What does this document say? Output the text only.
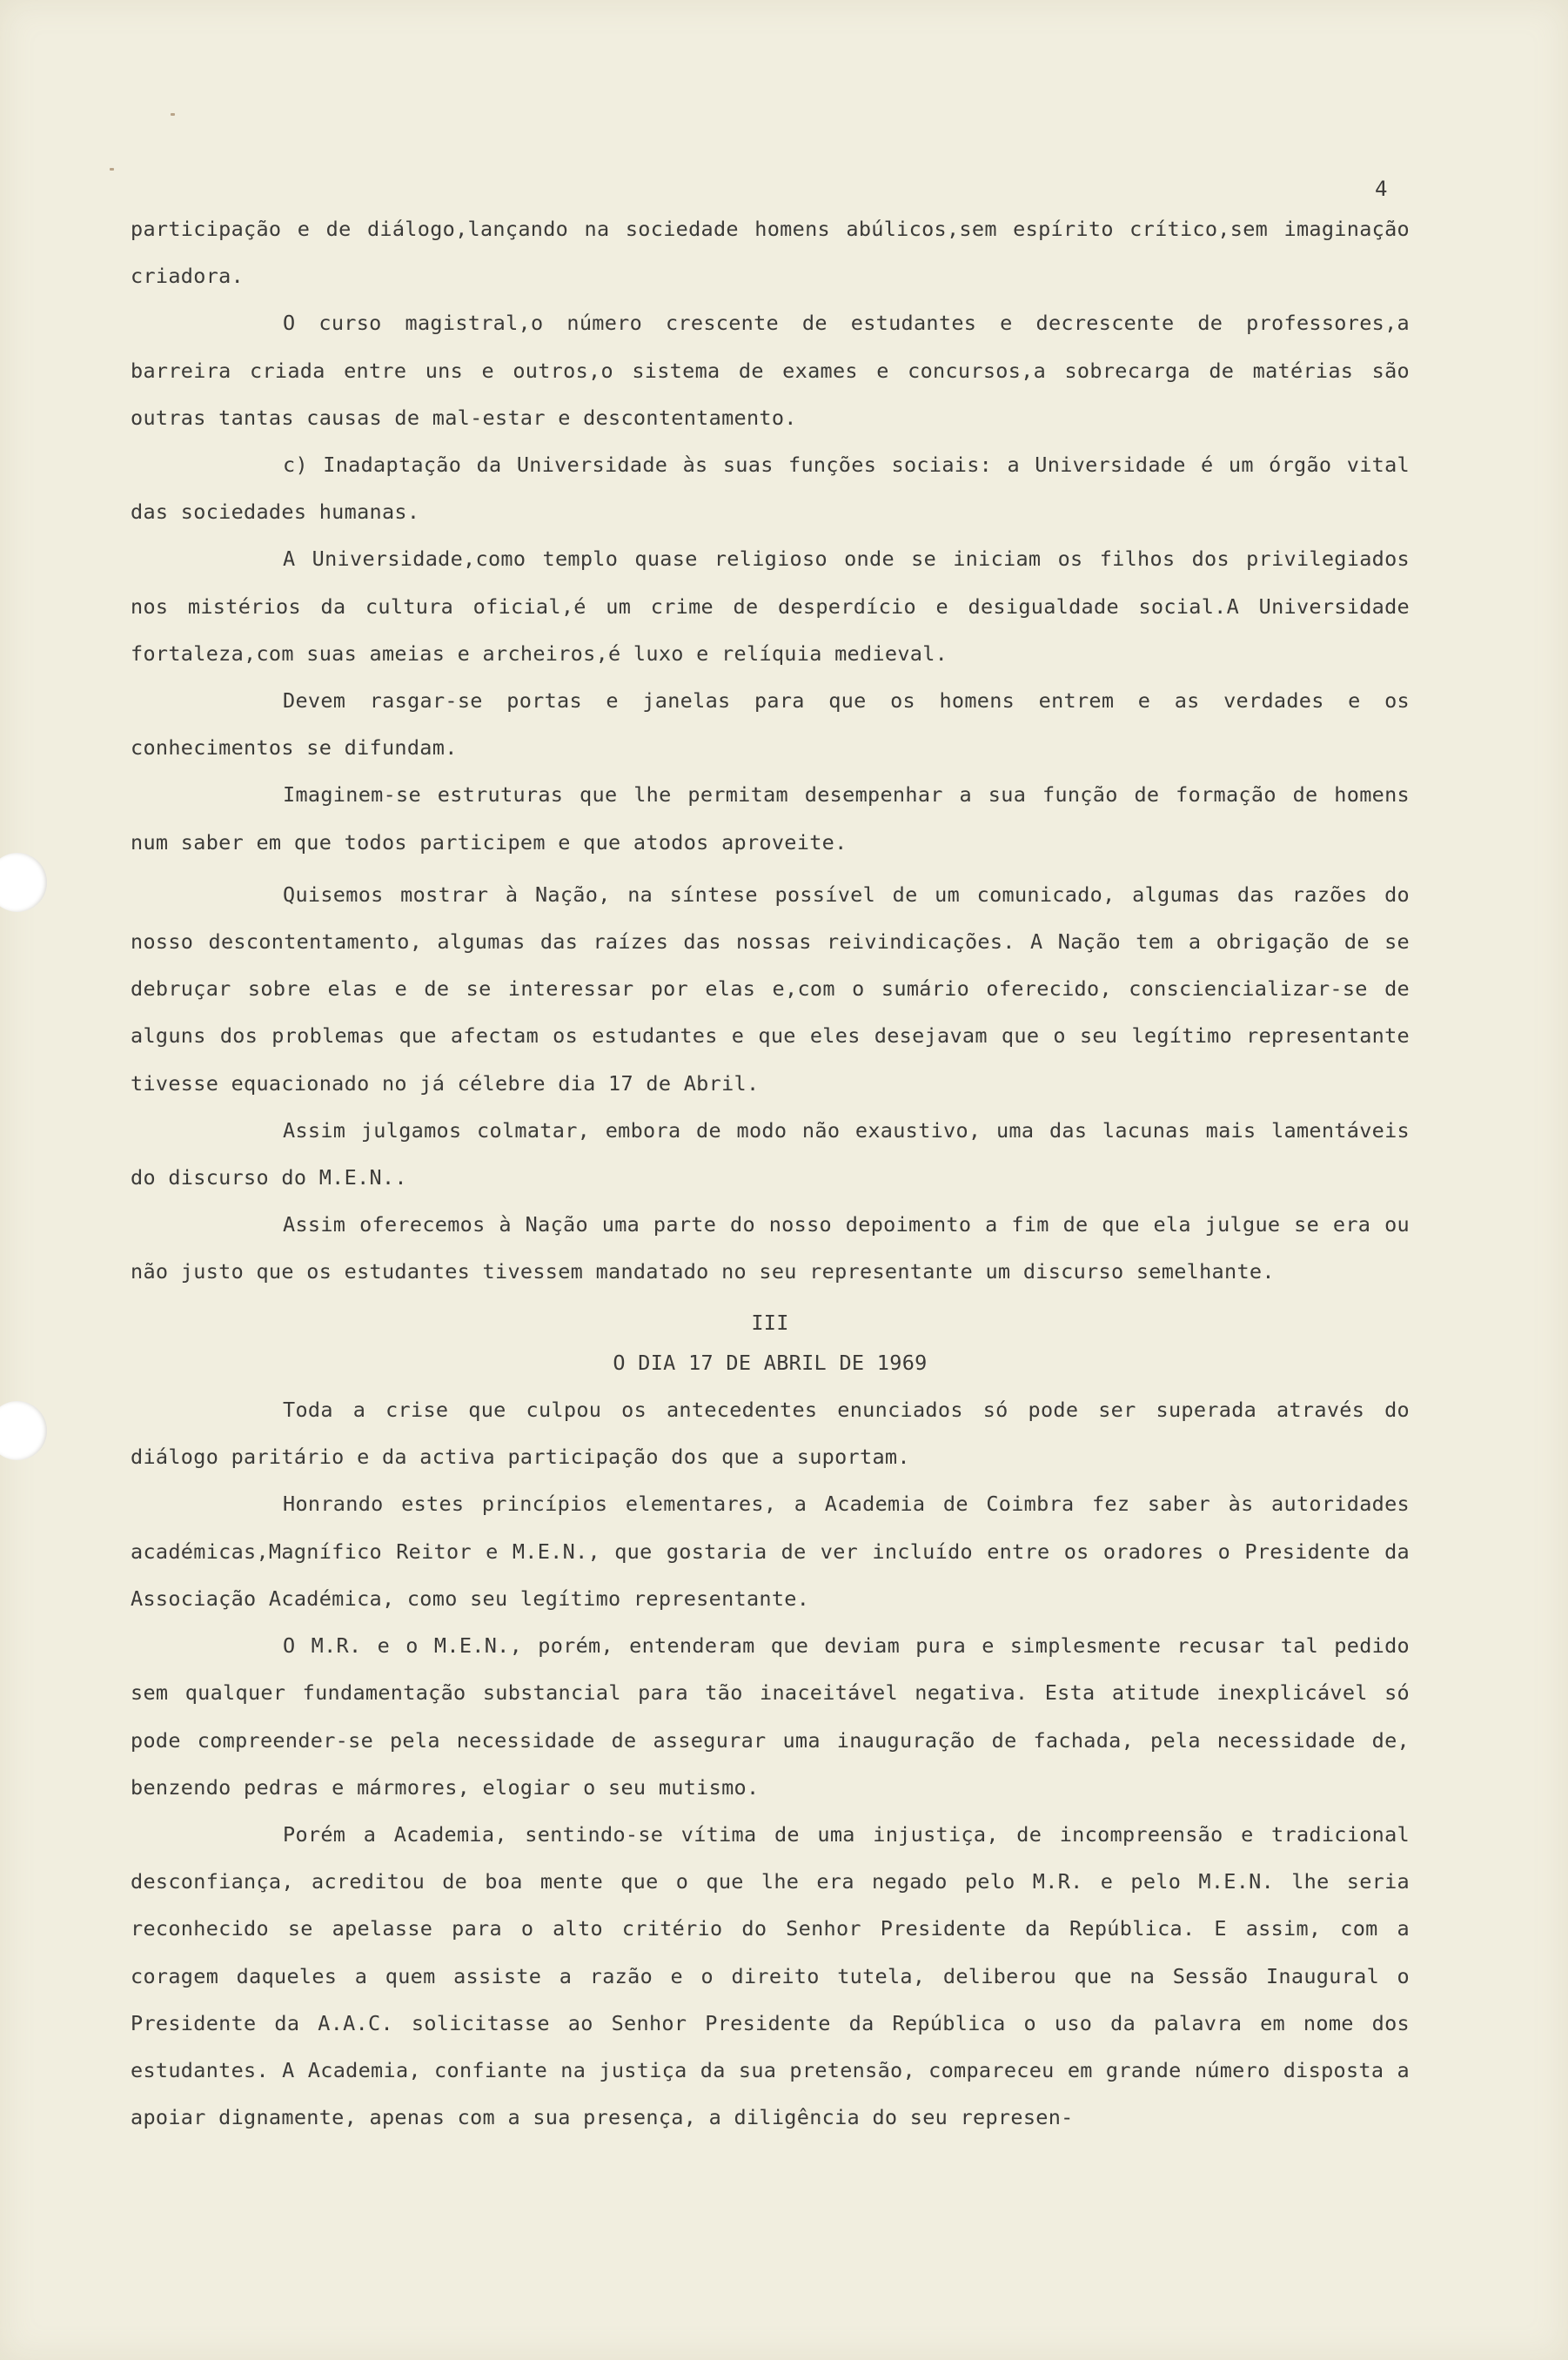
4

participação e de diálogo,lançando na sociedade homens abúlicos,sem espírito crítico,sem imaginação criadora.

O curso magistral,o número crescente de estudantes e decrescente de professores,a barreira criada entre uns e outros,o sistema de exames e concursos,a sobrecarga de matérias são outras tantas causas de mal-estar e descontentamento.

c) Inadaptação da Universidade às suas funções sociais: a Universidade é um órgão vital das sociedades humanas.

A Universidade,como templo quase religioso onde se iniciam os filhos dos privilegiados nos mistérios da cultura oficial,é um crime de desperdício e desigualdade social.A Universidade fortaleza,com suas ameias e archeiros,é luxo e relíquia medieval.

Devem rasgar-se portas e janelas para que os homens entrem e as verdades e os conhecimentos se difundam.

Imaginem-se estruturas que lhe permitam desempenhar a sua função de formação de homens num saber em que todos participem e que atodos aproveite.

Quisemos mostrar à Nação, na síntese possível de um comunicado, algumas das razões do nosso descontentamento, algumas das raízes das nossas reivindicações. A Nação tem a obrigação de se debruçar sobre elas e de se interessar por elas e,com o sumário oferecido, consciencializar-se de alguns dos problemas que afectam os estudantes e que eles desejavam que o seu legítimo representante tivesse equacionado no já célebre dia 17 de Abril.

Assim julgamos colmatar, embora de modo não exaustivo, uma das lacunas mais lamentáveis do discurso do M.E.N..

Assim oferecemos à Nação uma parte do nosso depoimento a fim de que ela julgue se era ou não justo que os estudantes tivessem mandatado no seu representante um discurso semelhante.

III

O DIA 17 DE ABRIL DE 1969

Toda a crise que culpou os antecedentes enunciados só pode ser superada através do diálogo paritário e da activa participação dos que a suportam.

Honrando estes princípios elementares, a Academia de Coimbra fez saber às autoridades académicas,Magnífico Reitor e M.E.N., que gostaria de ver incluído entre os oradores o Presidente da Associação Académica, como seu legítimo representante.

O M.R. e o M.E.N., porém, entenderam que deviam pura e simplesmente recusar tal pedido sem qualquer fundamentação substancial para tão inaceitável negativa. Esta atitude inexplicável só pode compreender-se pela necessidade de assegurar uma inauguração de fachada, pela necessidade de, benzendo pedras e mármores, elogiar o seu mutismo.

Porém a Academia, sentindo-se vítima de uma injustiça, de incompreensão e tradicional desconfiança, acreditou de boa mente que o que lhe era negado pelo M.R. e pelo M.E.N. lhe seria reconhecido se apelasse para o alto critério do Senhor Presidente da República. E assim, com a coragem daqueles a quem assiste a razão e o direito tutela, deliberou que na Sessão Inaugural o Presidente da A.A.C. solicitasse ao Senhor Presidente da República o uso da palavra em nome dos estudantes. A Academia, confiante na justiça da sua pretensão, compareceu em grande número disposta a apoiar dignamente, apenas com a sua presença, a diligência do seu represen-
